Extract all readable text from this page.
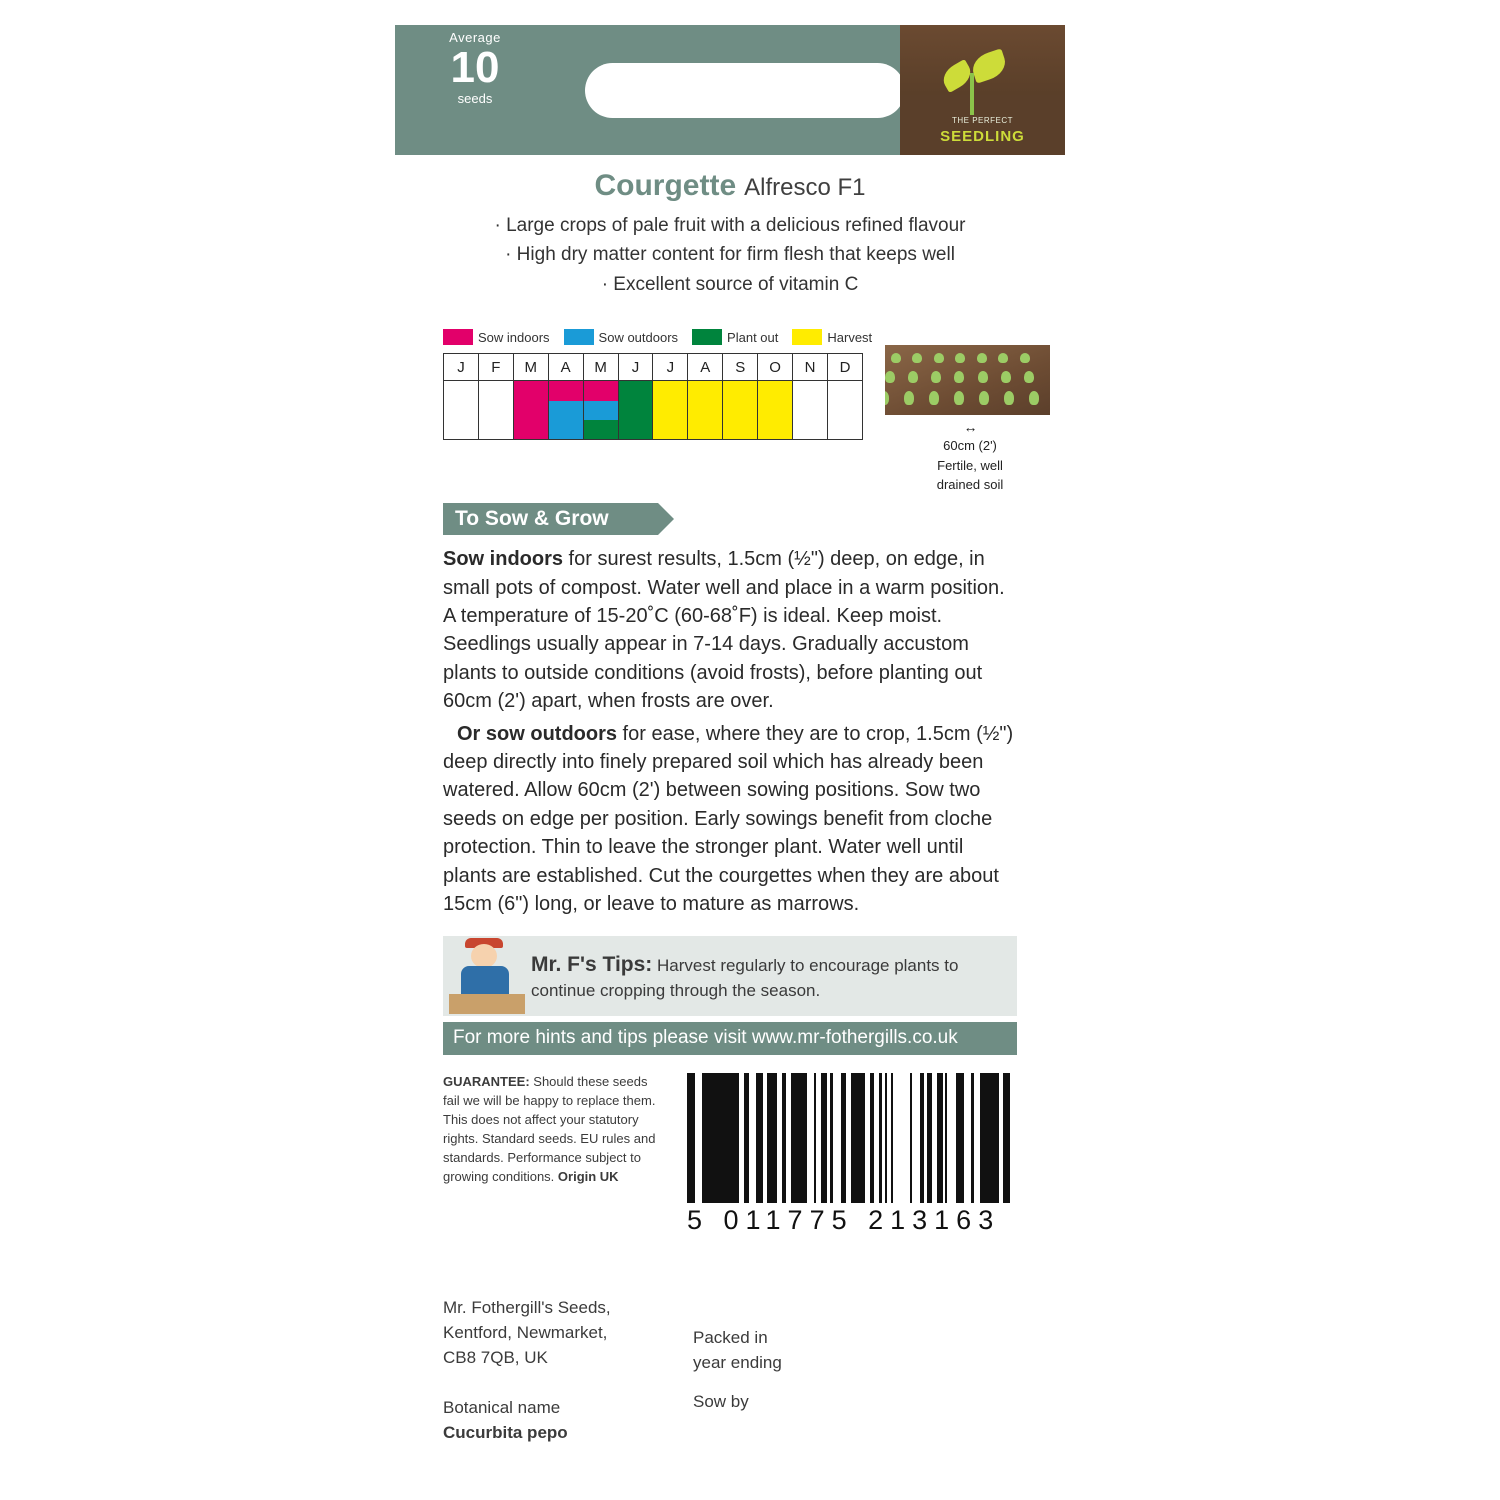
Average
10
seeds
THE PERFECT
SEEDLING
Courgette Alfresco F1
· Large crops of pale fruit with a delicious refined flavour
· High dry matter content for firm flesh that keeps well
· Excellent source of vitamin C
Sow indoors	Sow outdoors	Plant out	Harvest
J	F	M	A	M	J	J	A	S	O	N	D

↔
60cm (2')
Fertile, well
drained soil
To Sow & Grow
Sow indoors for surest results, 1.5cm (½") deep, on edge, in small pots of compost. Water well and place in a warm position. A temperature of 15-20˚C (60-68˚F) is ideal. Keep moist. Seedlings usually appear in 7-14 days. Gradually accustom plants to outside conditions (avoid frosts), before planting out 60cm (2') apart, when frosts are over.
Or sow outdoors for ease, where they are to crop, 1.5cm (½") deep directly into finely prepared soil which has already been watered. Allow 60cm (2') between sowing positions. Sow two seeds on edge per position. Early sowings benefit from cloche protection. Thin to leave the stronger plant. Water well until plants are established. Cut the courgettes when they are about 15cm (6") long, or leave to mature as marrows.
Mr. F's Tips: Harvest regularly to encourage plants to continue cropping through the season.
For more hints and tips please visit www.mr-fothergills.co.uk
GUARANTEE: Should these seeds fail we will be happy to replace them. This does not affect your statutory rights. Standard seeds. EU rules and standards. Performance subject to growing conditions. Origin UK
5 011775 213163
Mr. Fothergill's Seeds,
Kentford, Newmarket,
CB8 7QB, UK
Botanical name
Cucurbita pepo
Packed in
year ending
Sow by
